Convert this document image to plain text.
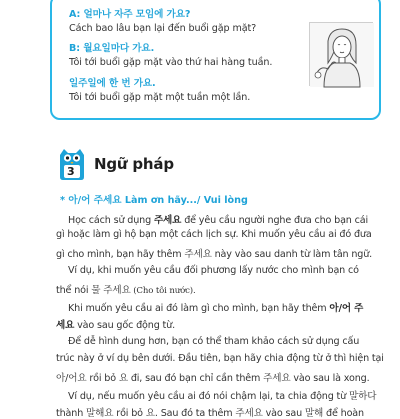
A: 얼마나 자주 모임에 가요?
Cách bao lâu bạn lại đến buổi gặp mặt?
B: 월요일마다 가요.
Tôi tới buổi gặp mặt vào thứ hai hàng tuần.
일주일에 한 번 가요.
Tôi tới buổi gặp mặt một tuần một lần.
3 Ngữ pháp
* 아/어 주세요 Làm ơn hãy.../ Vui lòng
Học cách sử dụng 주세요 để yêu cầu người nghe đưa cho bạn cái
gì hoặc làm gì hộ bạn một cách lịch sự. Khi muốn yêu cầu ai đó đưa
gì cho mình, bạn hãy thêm 주세요 này vào sau danh từ làm tân ngữ.
Ví dụ, khi muốn yêu cầu đối phương lấy nước cho mình bạn có
thể nói 물 주세요 (Cho tôi nước).
Khi muốn yêu cầu ai đó làm gì cho mình, bạn hãy thêm 아/어 주
세요 vào sau gốc động từ.
Để dễ hình dung hơn, bạn có thể tham khảo cách sử dụng cấu
trúc này ở ví dụ bên dưới. Đầu tiên, bạn hãy chia động từ ở thì hiện tại
아/어요 rồi bỏ 요 đi, sau đó bạn chỉ cần thêm 주세요 vào sau là xong.
Ví dụ, nếu muốn yêu cầu ai đó nói chậm lại, ta chia động từ 말하다
thành 말해요 rồi bỏ 요. Sau đó ta thêm 주세요 vào sau 말해 để hoàn
